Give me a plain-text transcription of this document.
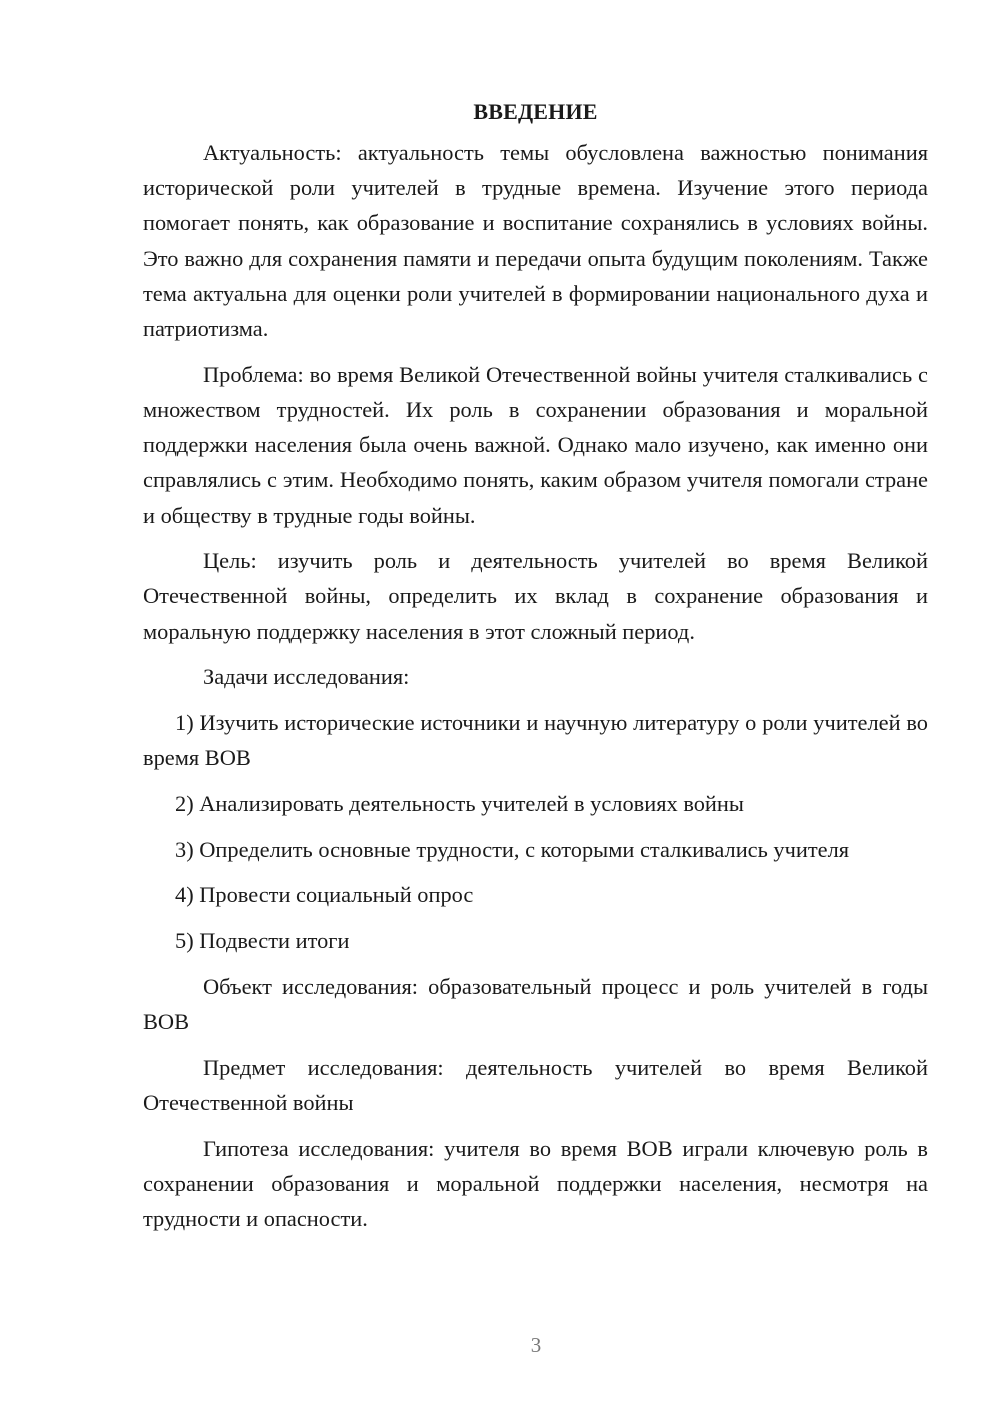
ВВЕДЕНИЕ

Актуальность: актуальность темы обусловлена важностью понимания исторической роли учителей в трудные времена. Изучение этого периода помогает понять, как образование и воспитание сохранялись в условиях войны. Это важно для сохранения памяти и передачи опыта будущим поколениям. Также тема актуальна для оценки роли учителей в формировании национального духа и патриотизма.

Проблема: во время Великой Отечественной войны учителя сталкивались с множеством трудностей. Их роль в сохранении образования и моральной поддержки населения была очень важной. Однако мало изучено, как именно они справлялись с этим. Необходимо понять, каким образом учителя помогали стране и обществу в трудные годы войны.

Цель: изучить роль и деятельность учителей во время Великой Отечественной войны, определить их вклад в сохранение образования и моральную поддержку населения в этот сложный период.

Задачи исследования:

1) Изучить исторические источники и научную литературу о роли учителей во время ВОВ

2) Анализировать деятельность учителей в условиях войны

3) Определить основные трудности, с которыми сталкивались учителя

4) Провести социальный опрос

5) Подвести итоги

Объект исследования: образовательный процесс и роль учителей в годы ВОВ

Предмет исследования: деятельность учителей во время Великой Отечественной войны

Гипотеза исследования: учителя во время ВОВ играли ключевую роль в сохранении образования и моральной поддержки населения, несмотря на трудности и опасности.

3
